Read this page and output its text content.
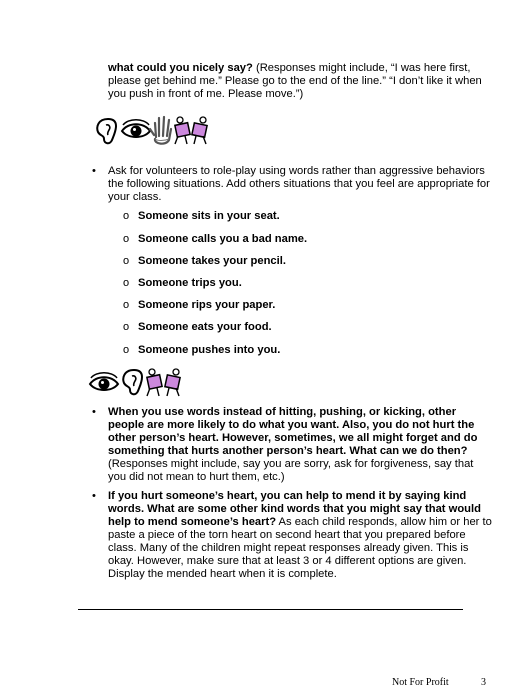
what could you nicely say? (Responses might include, “I was here first, please get behind me.” Please go to the end of the line.” “I don’t like it when you push in front of me. Please move.”)
• Ask for volunteers to role-play using words rather than aggressive behaviors the following situations. Add others situations that you feel are appropriate for your class.
o Someone sits in your seat.
o Someone calls you a bad name.
o Someone takes your pencil.
o Someone trips you.
o Someone rips your paper.
o Someone eats your food.
o Someone pushes into you.
• When you use words instead of hitting, pushing, or kicking, other people are more likely to do what you want. Also, you do not hurt the other person’s heart. However, sometimes, we all might forget and do something that hurts another person’s heart. What can we do then? (Responses might include, say you are sorry, ask for forgiveness, say that you did not mean to hurt them, etc.)
• If you hurt someone’s heart, you can help to mend it by saying kind words. What are some other kind words that you might say that would help to mend someone’s heart? As each child responds, allow him or her to paste a piece of the torn heart on second heart that you prepared before class. Many of the children might repeat responses already given. This is okay. However, make sure that at least 3 or 4 different options are given. Display the mended heart when it is complete.
Not For Profit	3
